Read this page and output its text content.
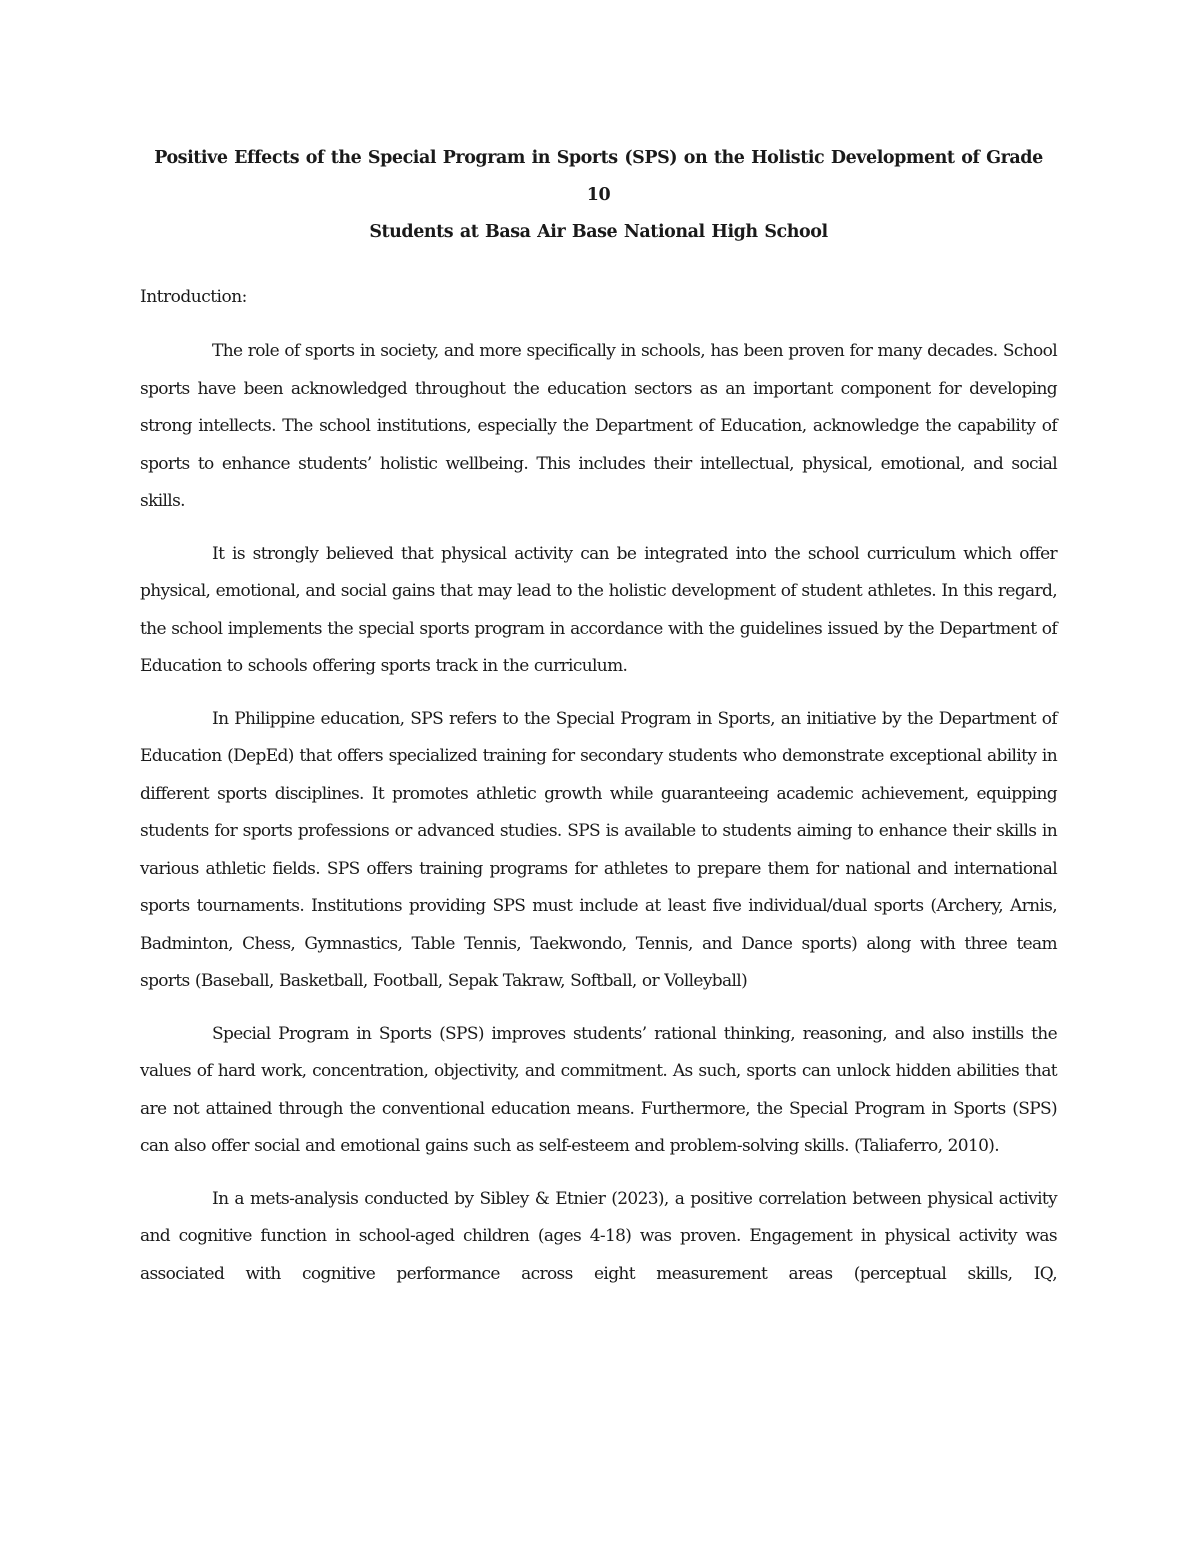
Positive Effects of the Special Program in Sports (SPS) on the Holistic Development of Grade 10
Students at Basa Air Base National High School
Introduction:

The role of sports in society, and more specifically in schools, has been proven for many decades. School sports have been acknowledged throughout the education sectors as an important component for developing strong intellects. The school institutions, especially the Department of Education, acknowledge the capability of sports to enhance students’ holistic wellbeing. This includes their intellectual, physical, emotional, and social skills.

It is strongly believed that physical activity can be integrated into the school curriculum which offer physical, emotional, and social gains that may lead to the holistic development of student athletes. In this regard, the school implements the special sports program in accordance with the guidelines issued by the Department of Education to schools offering sports track in the curriculum.

In Philippine education, SPS refers to the Special Program in Sports, an initiative by the Department of Education (DepEd) that offers specialized training for secondary students who demonstrate exceptional ability in different sports disciplines. It promotes athletic growth while guaranteeing academic achievement, equipping students for sports professions or advanced studies. SPS is available to students aiming to enhance their skills in various athletic fields. SPS offers training programs for athletes to prepare them for national and international sports tournaments. Institutions providing SPS must include at least five individual/dual sports (Archery, Arnis, Badminton, Chess, Gymnastics, Table Tennis, Taekwondo, Tennis, and Dance sports) along with three team sports (Baseball, Basketball, Football, Sepak Takraw, Softball, or Volleyball)

Special Program in Sports (SPS) improves students’ rational thinking, reasoning, and also instills the values of hard work, concentration, objectivity, and commitment. As such, sports can unlock hidden abilities that are not attained through the conventional education means. Furthermore, the Special Program in Sports (SPS) can also offer social and emotional gains such as self-esteem and problem-solving skills. (Taliaferro, 2010).

In a mets-analysis conducted by Sibley & Etnier (2023), a positive correlation between physical activity and cognitive function in school-aged children (ages 4-18) was proven. Engagement in physical activity was associated with cognitive performance across eight measurement areas (perceptual skills, IQ,
